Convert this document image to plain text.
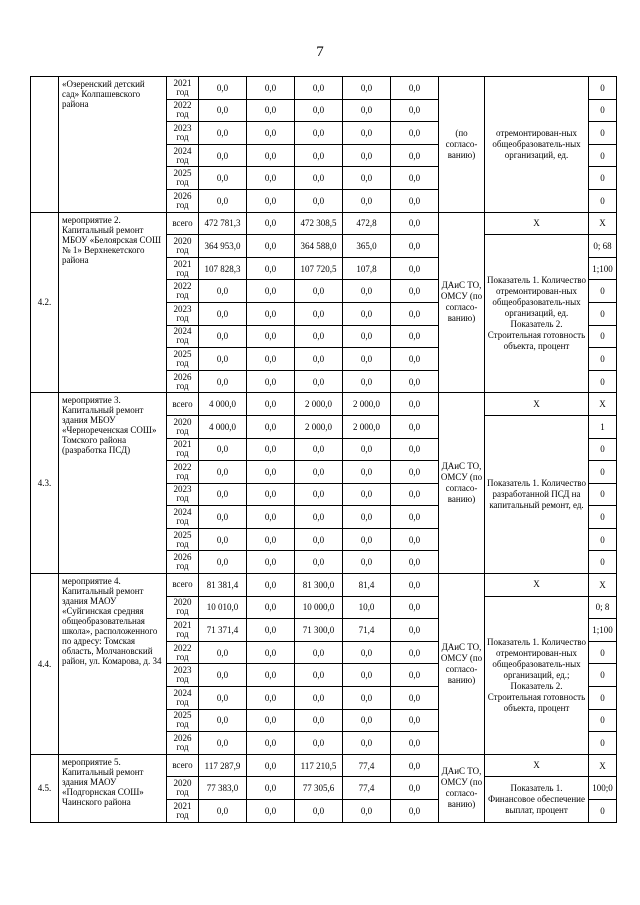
7
	«Озеренский детский сад» Колпашевского района	2021 год	0,0	0,0	0,0	0,0	0,0	(по согласо-ванию)	отремонтирован-ных общеобразователь-ных организаций, ед.	0
		2022 год	0,0	0,0	0,0	0,0	0,0			0
		2023 год	0,0	0,0	0,0	0,0	0,0			0
		2024 год	0,0	0,0	0,0	0,0	0,0			0
		2025 год	0,0	0,0	0,0	0,0	0,0			0
		2026 год	0,0	0,0	0,0	0,0	0,0			0
4.2.	мероприятие 2. Капитальный ремонт МБОУ «Белоярская СОШ № 1» Верхнекетского района	всего	472 781,3	0,0	472 308,5	472,8	0,0	ДАиС ТО, ОМСУ (по согласо-ванию)	Х	Х
		2020 год	364 953,0	0,0	364 588,0	365,0	0,0		Показатель 1. Количество отремонтирован-ных общеобразователь-ных организаций, ед. Показатель 2. Строительная готовность объекта, процент	0; 68
		2021 год	107 828,3	0,0	107 720,5	107,8	0,0			1;100
		2022 год	0,0	0,0	0,0	0,0	0,0			0
		2023 год	0,0	0,0	0,0	0,0	0,0			0
		2024 год	0,0	0,0	0,0	0,0	0,0			0
		2025 год	0,0	0,0	0,0	0,0	0,0			0
		2026 год	0,0	0,0	0,0	0,0	0,0			0
4.3.	мероприятие 3. Капитальный ремонт здания МБОУ «Чернореченская СОШ» Томского района (разработка ПСД)	всего	4 000,0	0,0	2 000,0	2 000,0	0,0	ДАиС ТО, ОМСУ (по согласо-ванию)	Х	Х
		2020 год	4 000,0	0,0	2 000,0	2 000,0	0,0		Показатель 1. Количество разработанной ПСД на капитальный ремонт, ед.	1
		2021 год	0,0	0,0	0,0	0,0	0,0			0
		2022 год	0,0	0,0	0,0	0,0	0,0			0
		2023 год	0,0	0,0	0,0	0,0	0,0			0
		2024 год	0,0	0,0	0,0	0,0	0,0			0
		2025 год	0,0	0,0	0,0	0,0	0,0			0
		2026 год	0,0	0,0	0,0	0,0	0,0			0
4.4.	мероприятие 4. Капитальный ремонт здания МАОУ «Суйгинская средняя общеобразовательная школа», расположенного по адресу: Томская область, Молчановский район, ул. Комарова, д. 34	всего	81 381,4	0,0	81 300,0	81,4	0,0	ДАиС ТО, ОМСУ (по согласо-ванию)	Х	Х
		2020 год	10 010,0	0,0	10 000,0	10,0	0,0		Показатель 1. Количество отремонтирован-ных общеобразователь-ных организаций, ед.; Показатель 2. Строительная готовность объекта, процент	0; 8
		2021 год	71 371,4	0,0	71 300,0	71,4	0,0			1;100
		2022 год	0,0	0,0	0,0	0,0	0,0			0
		2023 год	0,0	0,0	0,0	0,0	0,0			0
		2024 год	0,0	0,0	0,0	0,0	0,0			0
		2025 год	0,0	0,0	0,0	0,0	0,0			0
		2026 год	0,0	0,0	0,0	0,0	0,0			0
4.5.	мероприятие 5. Капитальный ремонт здания МАОУ «Подгорнская СОШ» Чаинского района	всего	117 287,9	0,0	117 210,5	77,4	0,0	ДАиС ТО, ОМСУ (по согласо-ванию)	Х	Х
		2020 год	77 383,0	0,0	77 305,6	77,4	0,0		Показатель 1. Финансовое обеспечение выплат, процент	100;0
		2021 год	0,0	0,0	0,0	0,0	0,0			0
